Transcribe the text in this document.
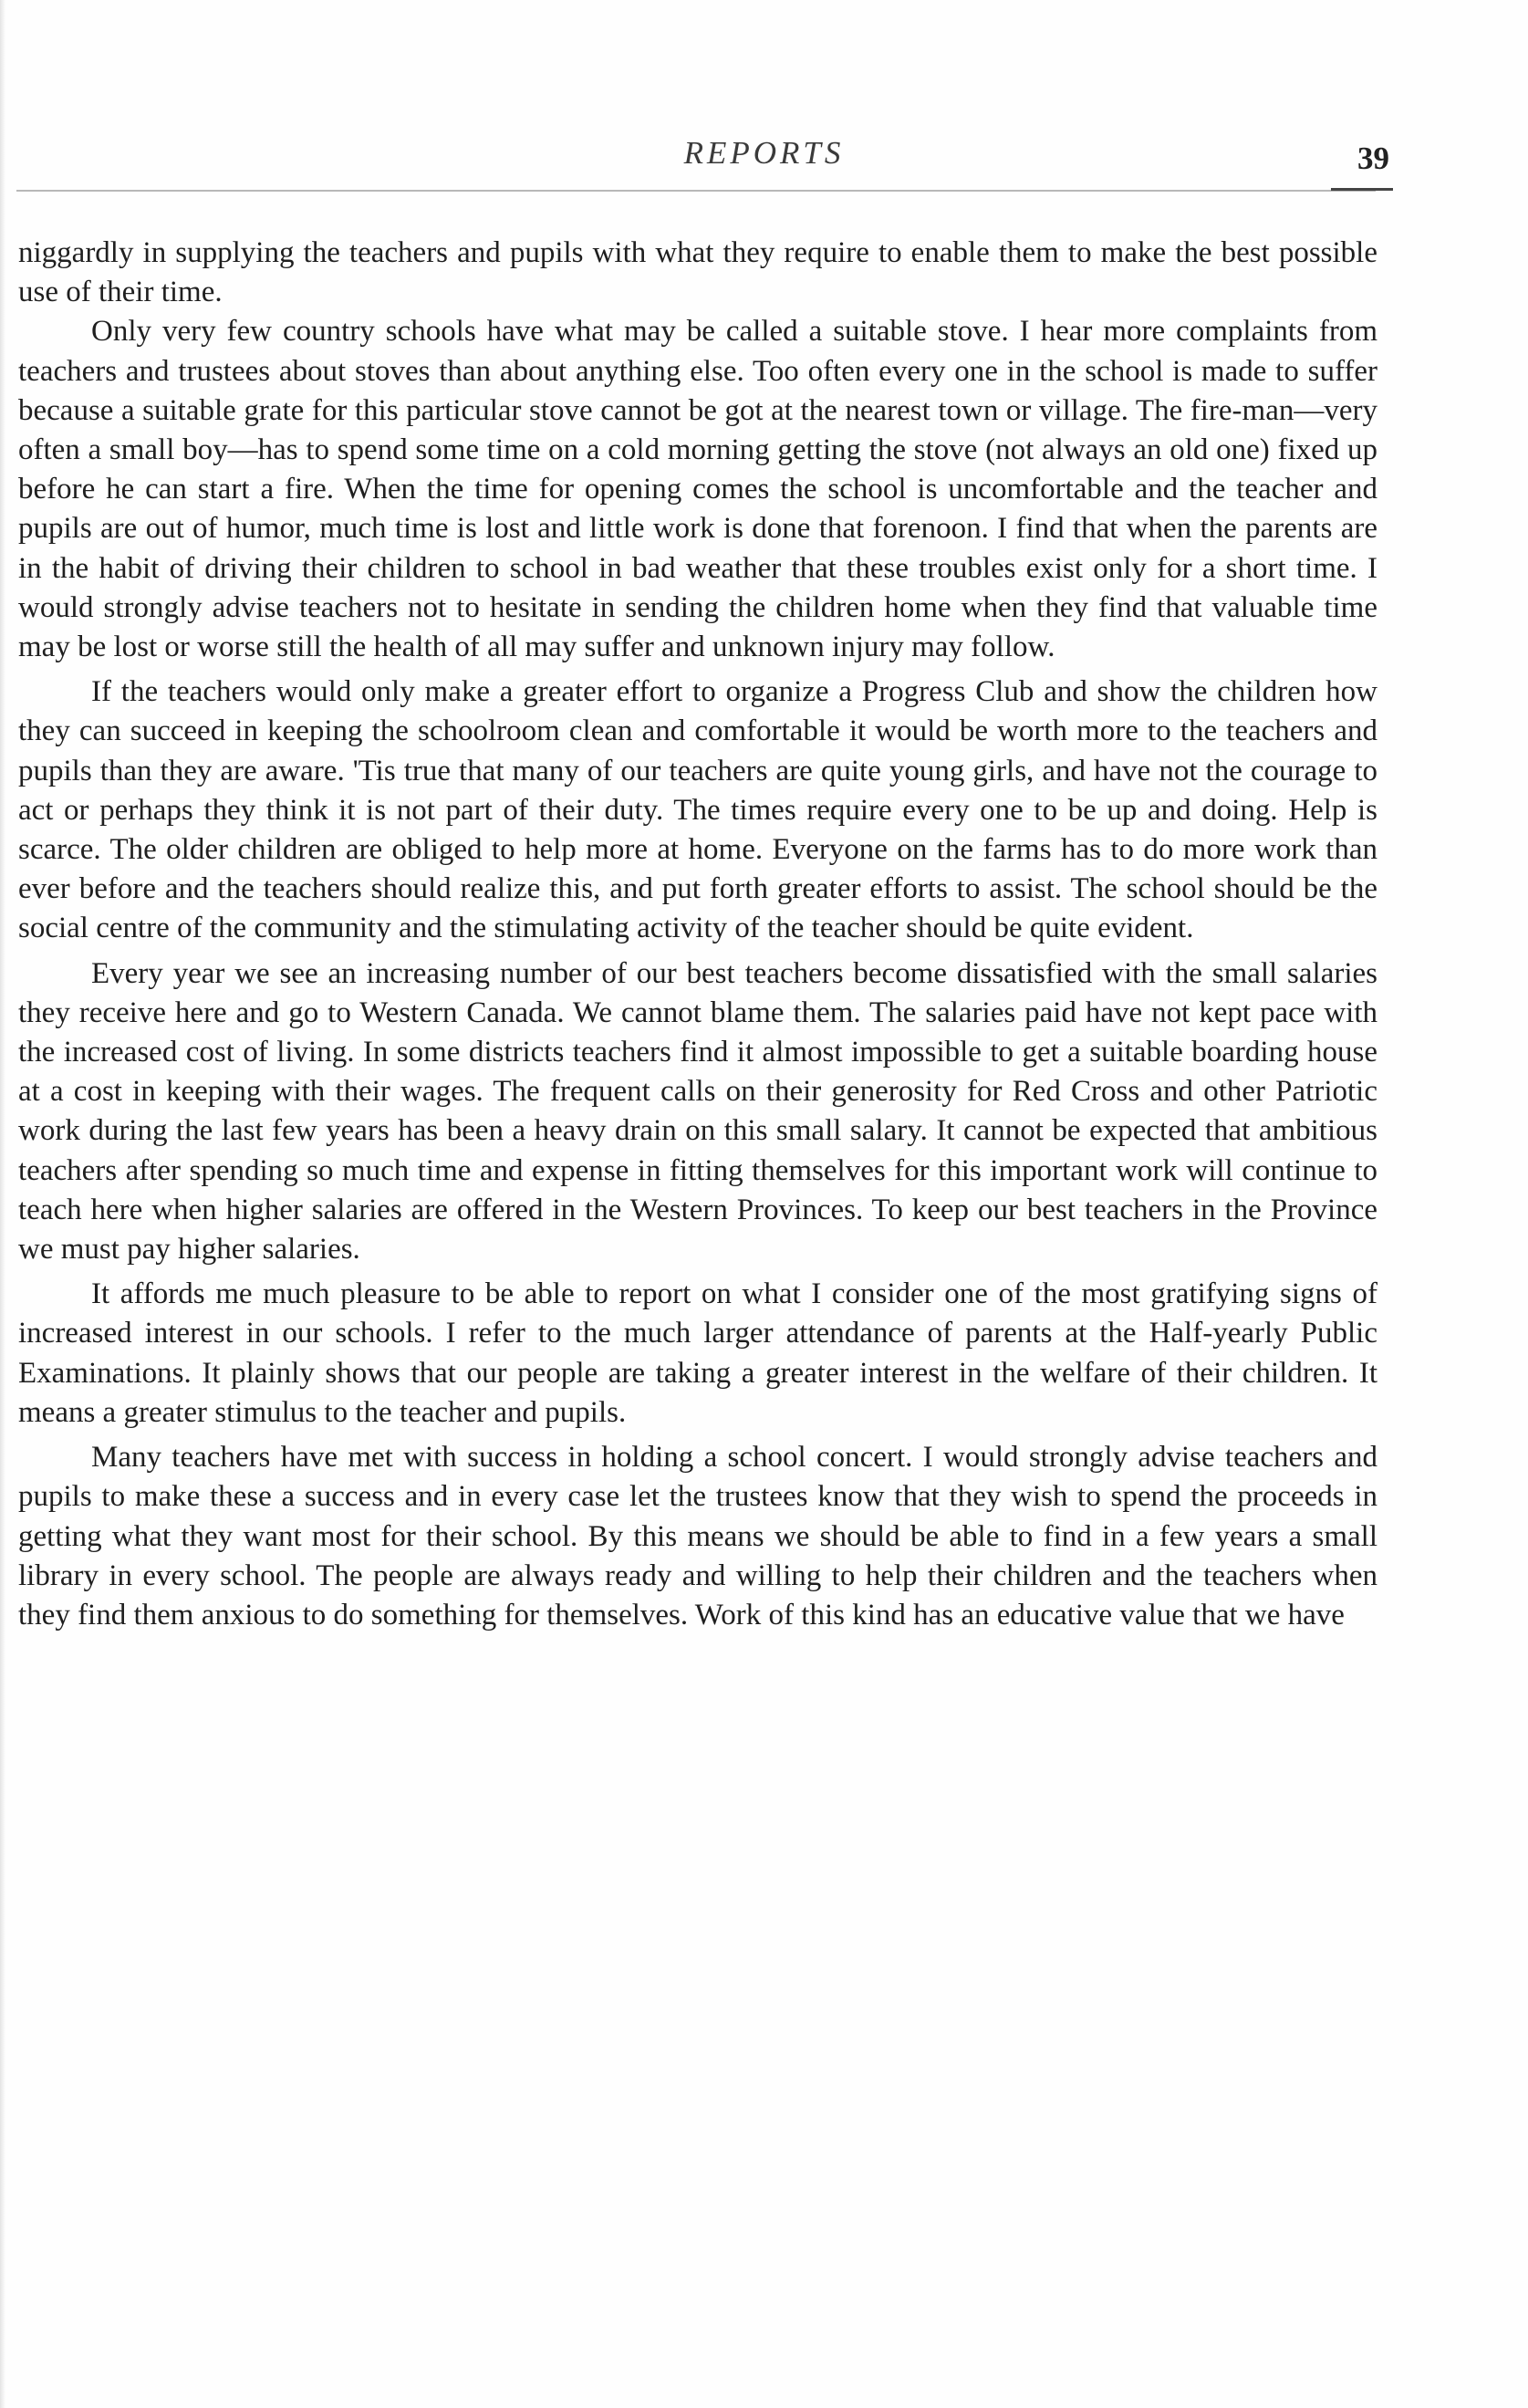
REPORTS	39

niggardly in supplying the teachers and pupils with what they require to enable them to make the best possible use of their time.

Only very few country schools have what may be called a suitable stove. I hear more complaints from teachers and trustees about stoves than about anything else. Too often every one in the school is made to suffer because a suitable grate for this particular stove cannot be got at the nearest town or village. The fire-man—very often a small boy—has to spend some time on a cold morning getting the stove (not always an old one) fixed up before he can start a fire. When the time for opening comes the school is uncomfortable and the teacher and pupils are out of humor, much time is lost and little work is done that forenoon. I find that when the parents are in the habit of driving their children to school in bad weather that these troubles exist only for a short time. I would strongly advise teachers not to hesitate in sending the children home when they find that valuable time may be lost or worse still the health of all may suffer and unknown injury may follow.

If the teachers would only make a greater effort to organize a Progress Club and show the children how they can succeed in keeping the schoolroom clean and comfortable it would be worth more to the teachers and pupils than they are aware. 'Tis true that many of our teachers are quite young girls, and have not the courage to act or perhaps they think it is not part of their duty. The times require every one to be up and doing. Help is scarce. The older children are obliged to help more at home. Everyone on the farms has to do more work than ever before and the teachers should realize this, and put forth greater efforts to assist. The school should be the social centre of the community and the stimulating activity of the teacher should be quite evident.

Every year we see an increasing number of our best teachers become dissatisfied with the small salaries they receive here and go to Western Canada. We cannot blame them. The salaries paid have not kept pace with the increased cost of living. In some districts teachers find it almost impossible to get a suitable boarding house at a cost in keeping with their wages. The frequent calls on their generosity for Red Cross and other Patriotic work during the last few years has been a heavy drain on this small salary. It cannot be expected that ambitious teachers after spending so much time and expense in fitting themselves for this important work will continue to teach here when higher salaries are offered in the Western Provinces. To keep our best teachers in the Province we must pay higher salaries.

It affords me much pleasure to be able to report on what I consider one of the most gratifying signs of increased interest in our schools. I refer to the much larger attendance of parents at the Half-yearly Public Examinations. It plainly shows that our people are taking a greater interest in the welfare of their children. It means a greater stimulus to the teacher and pupils.

Many teachers have met with success in holding a school concert. I would strongly advise teachers and pupils to make these a success and in every case let the trustees know that they wish to spend the proceeds in getting what they want most for their school. By this means we should be able to find in a few years a small library in every school. The people are always ready and willing to help their children and the teachers when they find them anxious to do something for themselves. Work of this kind has an educative value that we have
